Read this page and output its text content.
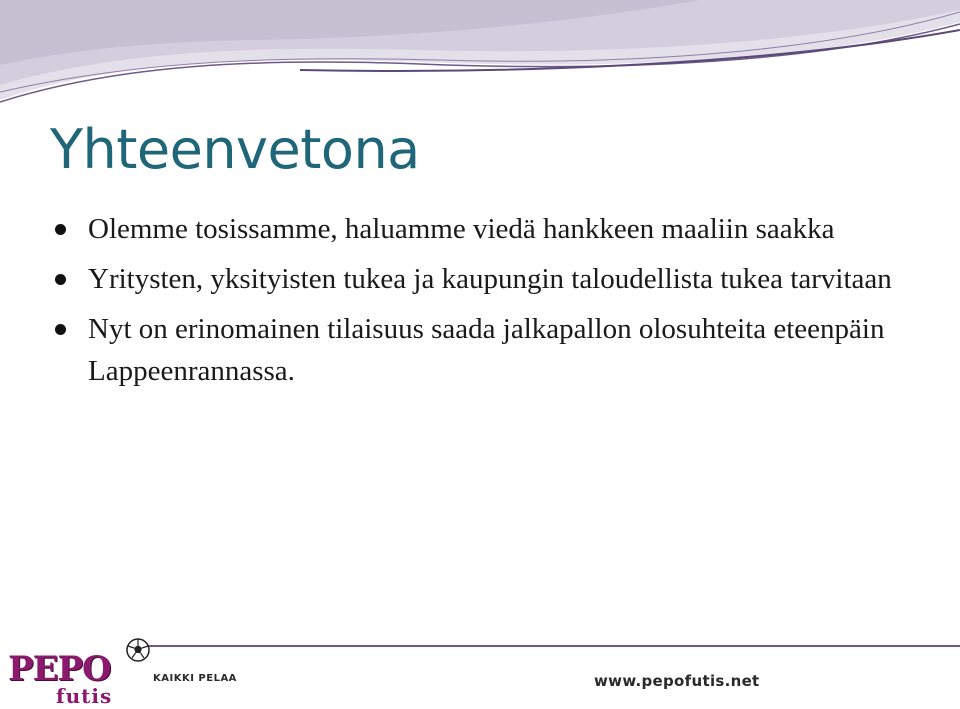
Yhteenvetona
Olemme tosissamme, haluamme viedä hankkeen maaliin saakka
Yritysten, yksityisten tukea ja kaupungin taloudellista tukea tarvitaan
Nyt on erinomainen tilaisuus saada jalkapallon olosuhteita eteenpäin Lappeenrannassa.
PEPO
futis
KAIKKI PELAA	www.pepofutis.net
